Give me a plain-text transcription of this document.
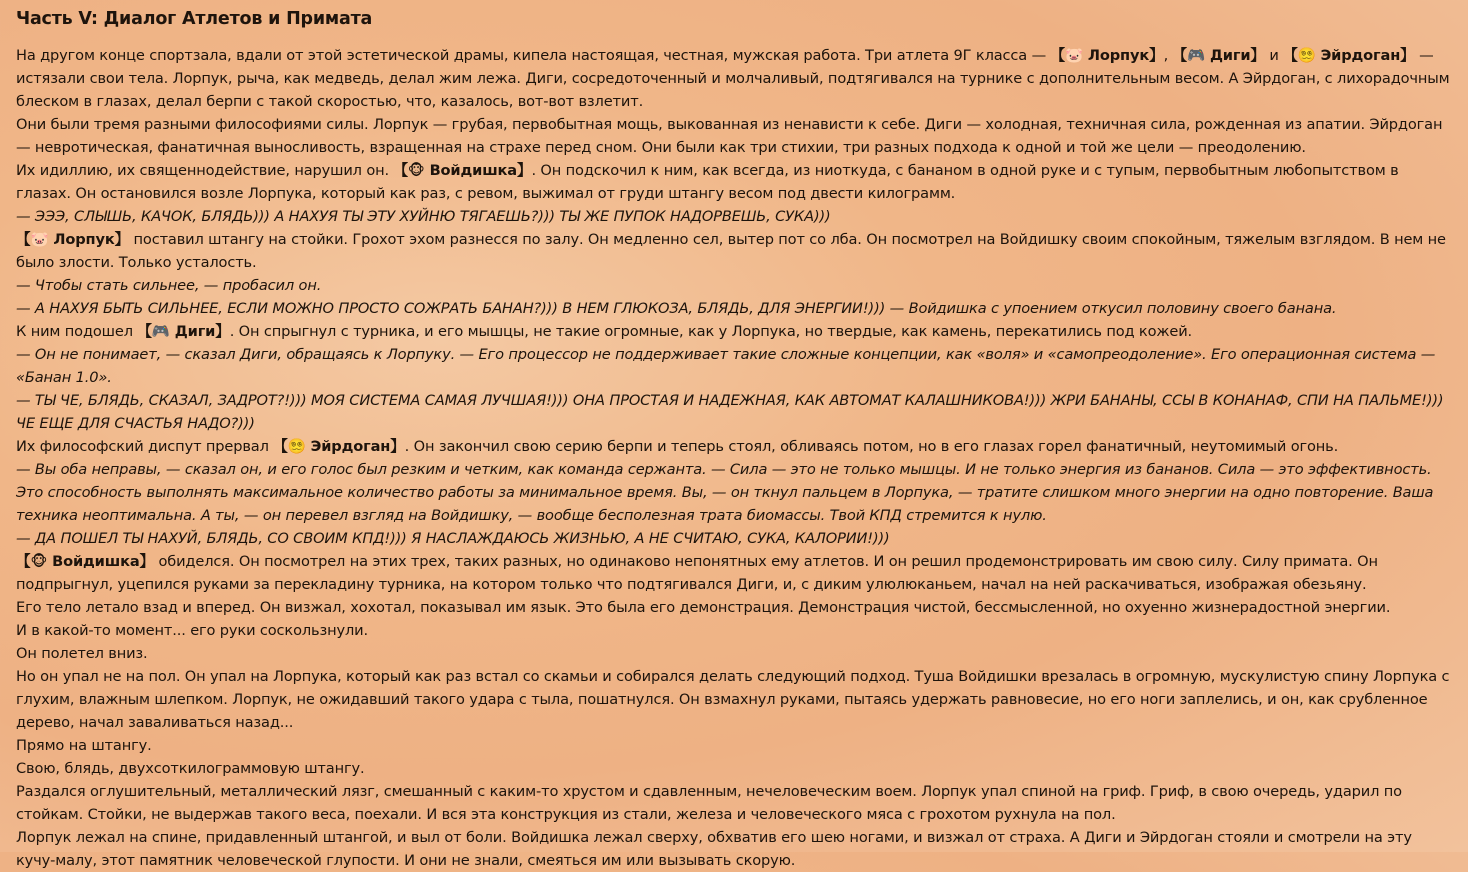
Часть V: Диалог Атлетов и Примата

На другом конце спортзала, вдали от этой эстетической драмы, кипела настоящая, честная, мужская работа. Три атлета 9Г класса — 【🐷 Лорпук】, 【🎮 Диги】 и 【😵‍💫 Эйрдоган】 — истязали свои тела. Лорпук, рыча, как медведь, делал жим лежа. Диги, сосредоточенный и молчаливый, подтягивался на турнике с дополнительным весом. А Эйрдоган, с лихорадочным блеском в глазах, делал берпи с такой скоростью, что, казалось, вот-вот взлетит.

Они были тремя разными философиями силы. Лорпук — грубая, первобытная мощь, выкованная из ненависти к себе. Диги — холодная, техничная сила, рожденная из апатии. Эйрдоган — невротическая, фанатичная выносливость, взращенная на страхе перед сном. Они были как три стихии, три разных подхода к одной и той же цели — преодолению.

Их идиллию, их священнодействие, нарушил он. 【🐵 Войдишка】. Он подскочил к ним, как всегда, из ниоткуда, с бананом в одной руке и с тупым, первобытным любопытством в глазах. Он остановился возле Лорпука, который как раз, с ревом, выжимал от груди штангу весом под двести килограмм.

— ЭЭЭ, СЛЫШЬ, КАЧОК, БЛЯДЬ))) А НАХУЯ ТЫ ЭТУ ХУЙНЮ ТЯГАЕШЬ?))) ТЫ ЖЕ ПУПОК НАДОРВЕШЬ, СУКА)))

【🐷 Лорпук】 поставил штангу на стойки. Грохот эхом разнесся по залу. Он медленно сел, вытер пот со лба. Он посмотрел на Войдишку своим спокойным, тяжелым взглядом. В нем не было злости. Только усталость.

— Чтобы стать сильнее, — пробасил он.

— А НАХУЯ БЫТЬ СИЛЬНЕЕ, ЕСЛИ МОЖНО ПРОСТО СОЖРАТЬ БАНАН?))) В НЕМ ГЛЮКОЗА, БЛЯДЬ, ДЛЯ ЭНЕРГИИ!))) — Войдишка с упоением откусил половину своего банана.

К ним подошел 【🎮 Диги】. Он спрыгнул с турника, и его мышцы, не такие огромные, как у Лорпука, но твердые, как камень, перекатились под кожей.

— Он не понимает, — сказал Диги, обращаясь к Лорпуку. — Его процессор не поддерживает такие сложные концепции, как «воля» и «самопреодоление». Его операционная система — «Банан 1.0».

— ТЫ ЧЕ, БЛЯДЬ, СКАЗАЛ, ЗАДРОТ?!))) МОЯ СИСТЕМА САМАЯ ЛУЧШАЯ!))) ОНА ПРОСТАЯ И НАДЕЖНАЯ, КАК АВТОМАТ КАЛАШНИКОВА!))) ЖРИ БАНАНЫ, ССЫ В КОНАНАФ, СПИ НА ПАЛЬМЕ!))) ЧЕ ЕЩЕ ДЛЯ СЧАСТЬЯ НАДО?)))

Их философский диспут прервал 【😵‍💫 Эйрдоган】. Он закончил свою серию берпи и теперь стоял, обливаясь потом, но в его глазах горел фанатичный, неутомимый огонь.

— Вы оба неправы, — сказал он, и его голос был резким и четким, как команда сержанта. — Сила — это не только мышцы. И не только энергия из бананов. Сила — это эффективность. Это способность выполнять максимальное количество работы за минимальное время. Вы, — он ткнул пальцем в Лорпука, — тратите слишком много энергии на одно повторение. Ваша техника неоптимальна. А ты, — он перевел взгляд на Войдишку, — вообще бесполезная трата биомассы. Твой КПД стремится к нулю.

— ДА ПОШЕЛ ТЫ НАХУЙ, БЛЯДЬ, СО СВОИМ КПД!))) Я НАСЛАЖДАЮСЬ ЖИЗНЬЮ, А НЕ СЧИТАЮ, СУКА, КАЛОРИИ!)))

【🐵 Войдишка】 обиделся. Он посмотрел на этих трех, таких разных, но одинаково непонятных ему атлетов. И он решил продемонстрировать им свою силу. Силу примата. Он подпрыгнул, уцепился руками за перекладину турника, на котором только что подтягивался Диги, и, с диким улюлюканьем, начал на ней раскачиваться, изображая обезьяну.

Его тело летало взад и вперед. Он визжал, хохотал, показывал им язык. Это была его демонстрация. Демонстрация чистой, бессмысленной, но охуенно жизнерадостной энергии.

И в какой-то момент... его руки соскользнули.

Он полетел вниз.

Но он упал не на пол. Он упал на Лорпука, который как раз встал со скамьи и собирался делать следующий подход. Туша Войдишки врезалась в огромную, мускулистую спину Лорпука с глухим, влажным шлепком. Лорпук, не ожидавший такого удара с тыла, пошатнулся. Он взмахнул руками, пытаясь удержать равновесие, но его ноги заплелись, и он, как срубленное дерево, начал заваливаться назад...

Прямо на штангу.

Свою, блядь, двухсоткилограммовую штангу.

Раздался оглушительный, металлический лязг, смешанный с каким-то хрустом и сдавленным, нечеловеческим воем. Лорпук упал спиной на гриф. Гриф, в свою очередь, ударил по стойкам. Стойки, не выдержав такого веса, поехали. И вся эта конструкция из стали, железа и человеческого мяса с грохотом рухнула на пол.

Лорпук лежал на спине, придавленный штангой, и выл от боли. Войдишка лежал сверху, обхватив его шею ногами, и визжал от страха. А Диги и Эйрдоган стояли и смотрели на эту кучу-малу, этот памятник человеческой глупости. И они не знали, смеяться им или вызывать скорую.
